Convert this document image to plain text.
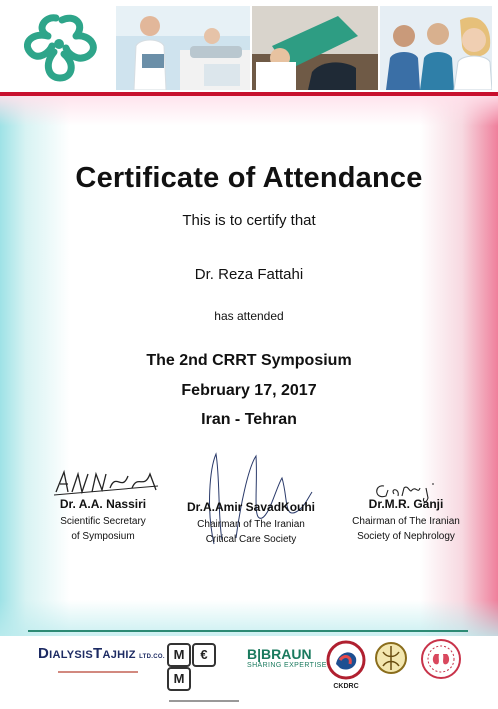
Certificate of Attendance
This is to certify that
Dr. Reza Fattahi
has attended
The 2nd CRRT Symposium
February 17, 2017
Iran - Tehran
Dr. A.A. Nassiri
Scientific Secretary
of Symposium
Dr.A.Amir SavadKouhi
Chairman of The Iranian
Critical Care Society
Dr.M.R. Ganji
Chairman of The Iranian
Society of Nephrology
DIALYSISTAJHIZ LTD.CO. M €M
B|BRAUN
SHARING EXPERTISE
CKDRC
